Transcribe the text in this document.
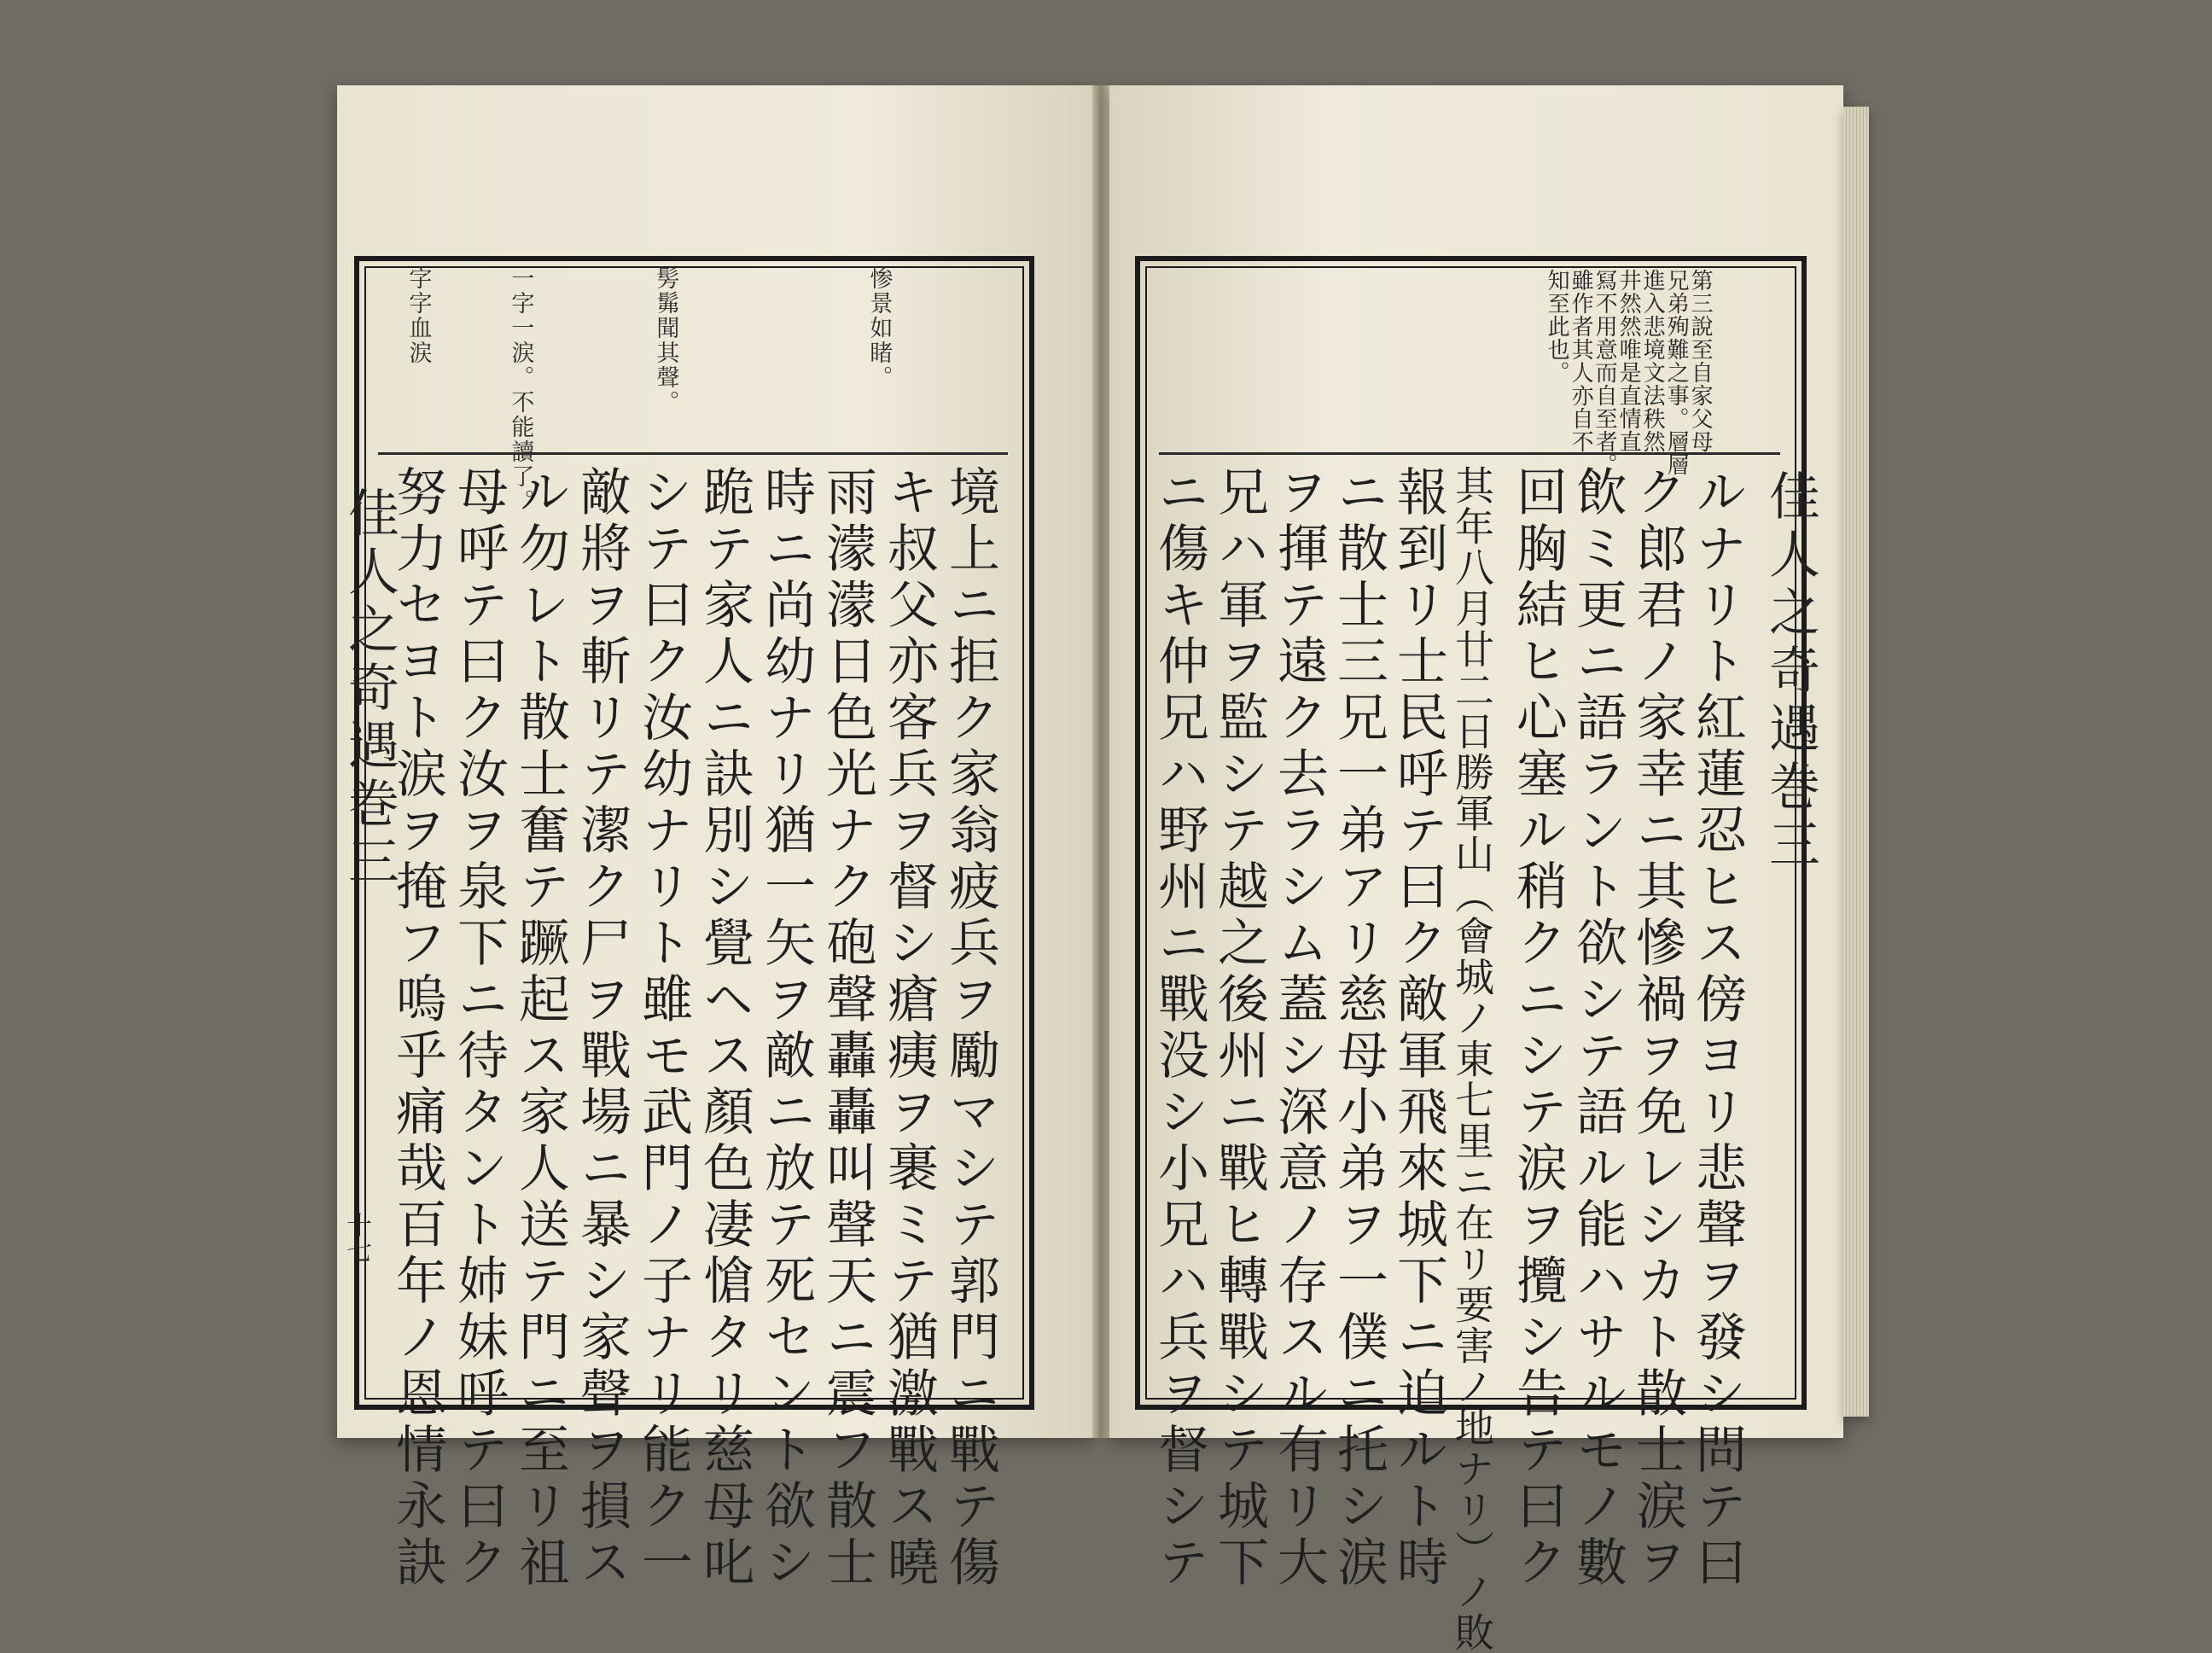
佳人之奇遇巻三
十七
惨景如睹。
髣髴聞其聲。
一字一涙。不能讀了。
字字血涙
境上ニ拒ク家翁疲兵ヲ勵マシテ郭門ニ戰テ傷
キ叔父亦客兵ヲ督シ瘡痍ヲ裹ミテ猶激戰ス曉
雨濛濛日色光ナク砲聲轟轟叫聲天ニ震フ散士
時ニ尚幼ナリ猶一矢ヲ敵ニ放テ死セント欲シ
跪テ家人ニ訣別シ覺ヘス顏色凄愴タリ慈母叱
シテ曰ク汝幼ナリト雖モ武門ノ子ナリ能ク一
敵將ヲ斬リテ潔ク尸ヲ戰場ニ暴シ家聲ヲ損ス
ル勿レト散士奮テ蹶起ス家人送テ門ニ至リ祖
母呼テ曰ク汝ヲ泉下ニ待タント姉妹呼テ曰ク
努力セヨト涙ヲ掩フ嗚乎痛哉百年ノ恩情永訣	佳人之奇遇巻三
第三說至自家父母
兄弟殉難之事。層層
進入悲境文法秩然
井然然唯是直情直
冩不用意而自至者。
雖作者其人亦自不
知至此也。
ルナリト紅蓮忍ヒス傍ヨリ悲聲ヲ發シ問テ曰
ク郎君ノ家幸ニ其慘禍ヲ免レシカト散士涙ヲ
飲ミ更ニ語ラント欲シテ語ル能ハサルモノ數
回胸結ヒ心塞ル稍クニシテ涙ヲ攬シ告テ曰ク
其年八月廿二日勝軍山（會城ノ東七里ニ在リ要害ノ地ナリ）ノ敗
報到リ士民呼テ曰ク敵軍飛來城下ニ迫ルト時
ニ散士三兄一弟アリ慈母小弟ヲ一僕ニ托シ涙
ヲ揮テ遠ク去ラシム蓋シ深意ノ存スル有リ大
兄ハ軍ヲ監シテ越之後州ニ戰ヒ轉戰シテ城下
ニ傷キ仲兄ハ野州ニ戰没シ小兄ハ兵ヲ督シテ
